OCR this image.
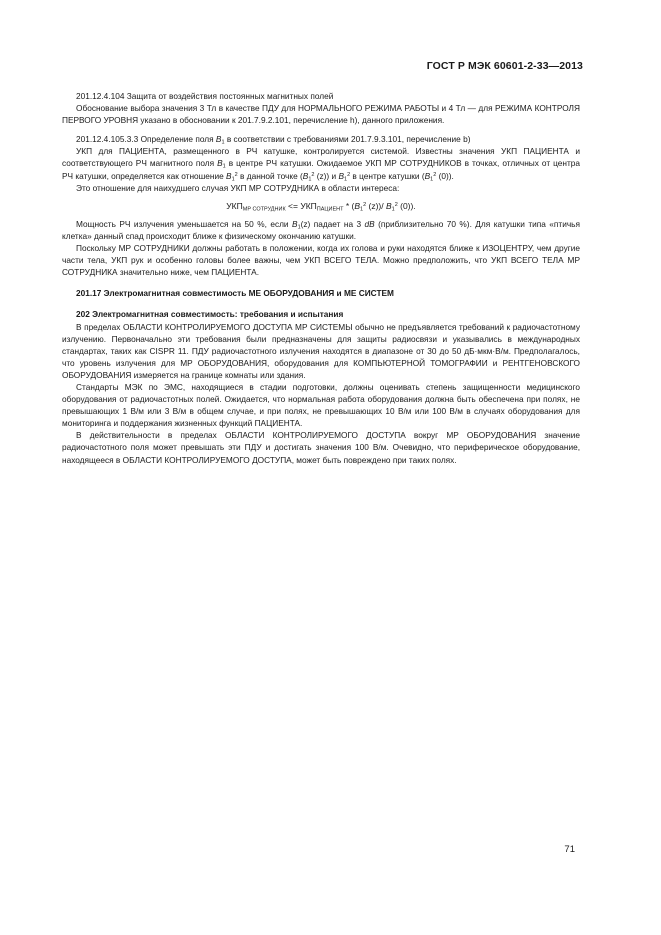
ГОСТ Р МЭК 60601-2-33—2013

201.12.4.104 Защита от воздействия постоянных магнитных полей

Обоснование выбора значения 3 Тл в качестве ПДУ для НОРМАЛЬНОГО РЕЖИМА РАБОТЫ и 4 Тл — для РЕЖИМА КОНТРОЛЯ ПЕРВОГО УРОВНЯ указано в обосновании к 201.7.9.2.101, перечисление h), данного приложения.

201.12.4.105.3.3 Определение поля $B_1$ в соответствии с требованиями 201.7.9.3.101, перечисление b)

УКП для ПАЦИЕНТА, размещенного в РЧ катушке, контролируется системой. Известны значения УКП ПАЦИЕНТА и соответствующего РЧ магнитного поля $B_1$ в центре РЧ катушки. Ожидаемое УКП МР СОТРУДНИКОВ в точках, отличных от центра РЧ катушки, определяется как отношение $B_1^2$ в данной точке ($B_1^2$ (z)) и $B_1^2$ в центре катушки ($B_1^2$ (0)).

Это отношение для наихудшего случая УКП МР СОТРУДНИКА в области интереса:

$УКП_{МР СОТРУДНИК} <= УКП_{ПАЦИЕНТ} * (B_1^2$ (z))/ $B_1^2$ (0)).

Мощность РЧ излучения уменьшается на 50 %, если $B_1(z)$ падает на 3 dB (приблизительно 70 %). Для катушки типа «птичья клетка» данный спад происходит ближе к физическому окончанию катушки.

Поскольку МР СОТРУДНИКИ должны работать в положении, когда их голова и руки находятся ближе к ИЗОЦЕНТРУ, чем другие части тела, УКП рук и особенно головы более важны, чем УКП ВСЕГО ТЕЛА. Можно предположить, что УКП ВСЕГО ТЕЛА МР СОТРУДНИКА значительно ниже, чем ПАЦИЕНТА.

201.17 Электромагнитная совместимость МЕ ОБОРУДОВАНИЯ и МЕ СИСТЕМ

202 Электромагнитная совместимость: требования и испытания

В пределах ОБЛАСТИ КОНТРОЛИРУЕМОГО ДОСТУПА МР СИСТЕМЫ обычно не предъявляется требований к радиочастотному излучению. Первоначально эти требования были предназначены для защиты радиосвязи и указывались в международных стандартах, таких как CISPR 11. ПДУ радиочастотного излучения находятся в диапазоне от 30 до 50 дБ·мкм·В/м. Предполагалось, что уровень излучения для МР ОБОРУДОВАНИЯ, оборудования для КОМПЬЮТЕРНОЙ ТОМОГРАФИИ и РЕНТГЕНОВСКОГО ОБОРУДОВАНИЯ измеряется на границе комнаты или здания.

Стандарты МЭК по ЭМС, находящиеся в стадии подготовки, должны оценивать степень защищенности медицинского оборудования от радиочастотных полей. Ожидается, что нормальная работа оборудования должна быть обеспечена при полях, не превышающих 1 В/м или 3 В/м в общем случае, и при полях, не превышающих 10 В/м или 100 В/м в случаях оборудования для мониторинга и поддержания жизненных функций ПАЦИЕНТА.

В действительности в пределах ОБЛАСТИ КОНТРОЛИРУЕМОГО ДОСТУПА вокруг МР ОБОРУДОВАНИЯ значение радиочастотного поля может превышать эти ПДУ и достигать значения 100 В/м. Очевидно, что периферическое оборудование, находящееся в ОБЛАСТИ КОНТРОЛИРУЕМОГО ДОСТУПА, может быть повреждено при таких полях.

71
